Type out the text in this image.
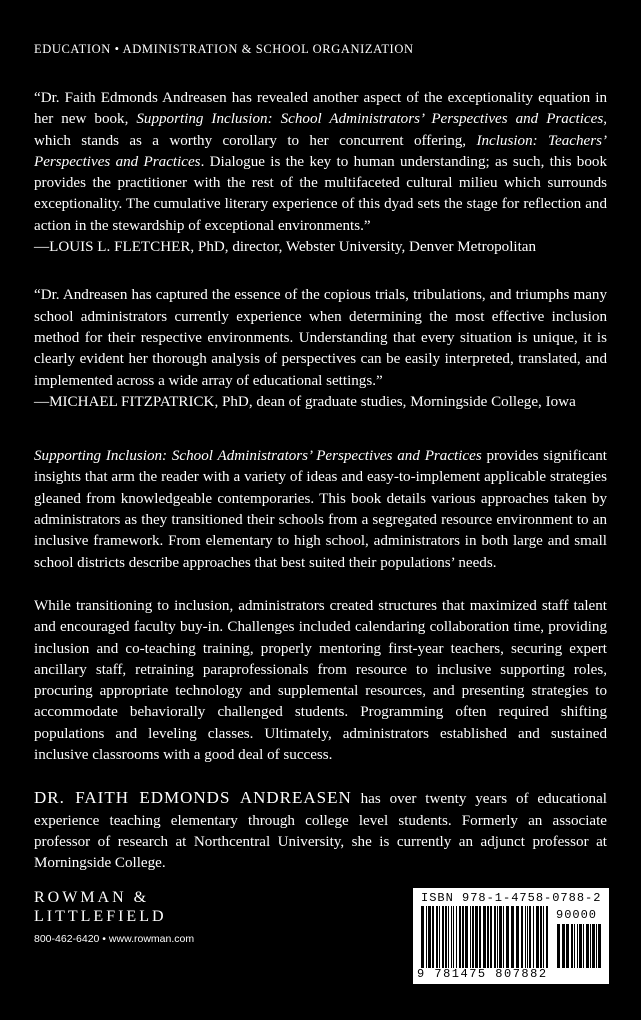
EDUCATION • ADMINISTRATION & SCHOOL ORGANIZATION

“Dr. Faith Edmonds Andreasen has revealed another aspect of the exceptionality equation in her new book, Supporting Inclusion: School Administrators’ Perspectives and Practices, which stands as a worthy corollary to her concurrent offering, Inclusion: Teachers’ Perspectives and Practices. Dialogue is the key to human understanding; as such, this book provides the practitioner with the rest of the multifaceted cultural milieu which surrounds exceptionality. The cumulative literary experience of this dyad sets the stage for reflection and action in the stewardship of exceptional environments.”

—LOUIS L. FLETCHER, PhD, director, Webster University, Denver Metropolitan

“Dr. Andreasen has captured the essence of the copious trials, tribulations, and triumphs many school administrators currently experience when determining the most effective inclusion method for their respective environments. Understanding that every situation is unique, it is clearly evident her thorough analysis of perspectives can be easily interpreted, translated, and implemented across a wide array of educational settings.”

—MICHAEL FITZPATRICK, PhD, dean of graduate studies, Morningside College, Iowa

Supporting Inclusion: School Administrators’ Perspectives and Practices provides significant insights that arm the reader with a variety of ideas and easy-to-implement applicable strategies gleaned from knowledgeable contemporaries. This book details various approaches taken by administrators as they transitioned their schools from a segregated resource environment to an inclusive framework. From elementary to high school, administrators in both large and small school districts describe approaches that best suited their populations’ needs.

While transitioning to inclusion, administrators created structures that maximized staff talent and encouraged faculty buy-in. Challenges included calendaring collaboration time, providing inclusion and co-teaching training, properly mentoring first-year teachers, securing expert ancillary staff, retraining paraprofessionals from resource to inclusive supporting roles, procuring appropriate technology and supplemental resources, and presenting strategies to accommodate behaviorally challenged students. Programming often required shifting populations and leveling classes. Ultimately, administrators established and sustained inclusive classrooms with a good deal of success.

DR. FAITH EDMONDS ANDREASEN has over twenty years of educational experience teaching elementary through college level students. Formerly an associate professor of research at Northcentral University, she is currently an adjunct professor at Morningside College.

ROWMAN &
LITTLEFIELD
800-462-6420 • www.rowman.com
ISBN 978-1-4758-0788-2
90000
9 781475 807882
